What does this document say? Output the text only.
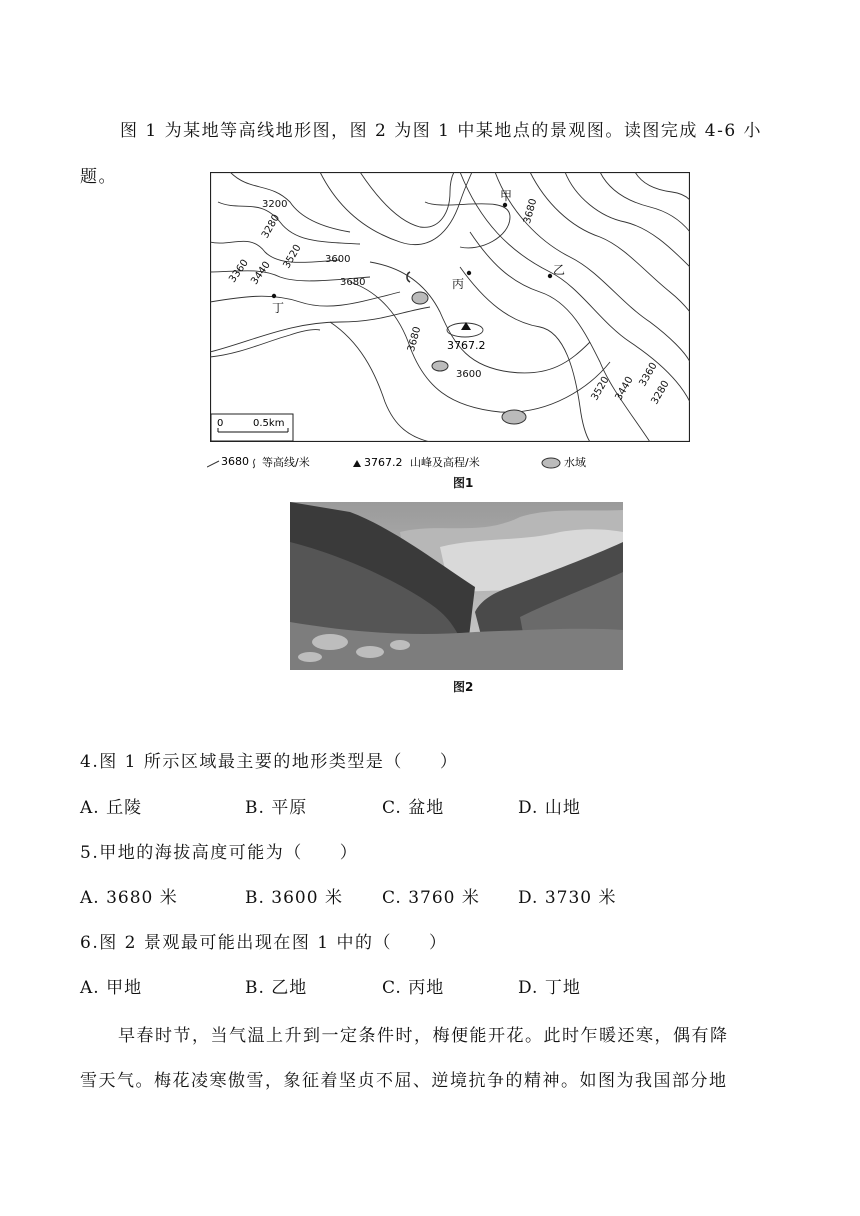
图 1 为某地等高线地形图，图 2 为图 1 中某地点的景观图。读图完成 4-6 小
题。
3767.2
3200
3280
3360
3440
3520 3600
3680
3680
3680
3600
3520 3440
3360
3280
甲
乙
丙
丁
0	0.5km
3680 等高线/米	3767.2 山峰及高程/米	水域
图1
图2
4.图 1 所示区域最主要的地形类型是（　　）
A. 丘陵	B. 平原	C. 盆地	D. 山地
5.甲地的海拔高度可能为（　　）
A. 3680 米	B. 3600 米 C. 3760 米 D. 3730 米
6.图 2 景观最可能出现在图 1 中的（　　）
A. 甲地	B. 乙地	C. 丙地	D. 丁地
早春时节，当气温上升到一定条件时，梅便能开花。此时乍暖还寒，偶有降
雪天气。梅花凌寒傲雪，象征着坚贞不屈、逆境抗争的精神。如图为我国部分地
